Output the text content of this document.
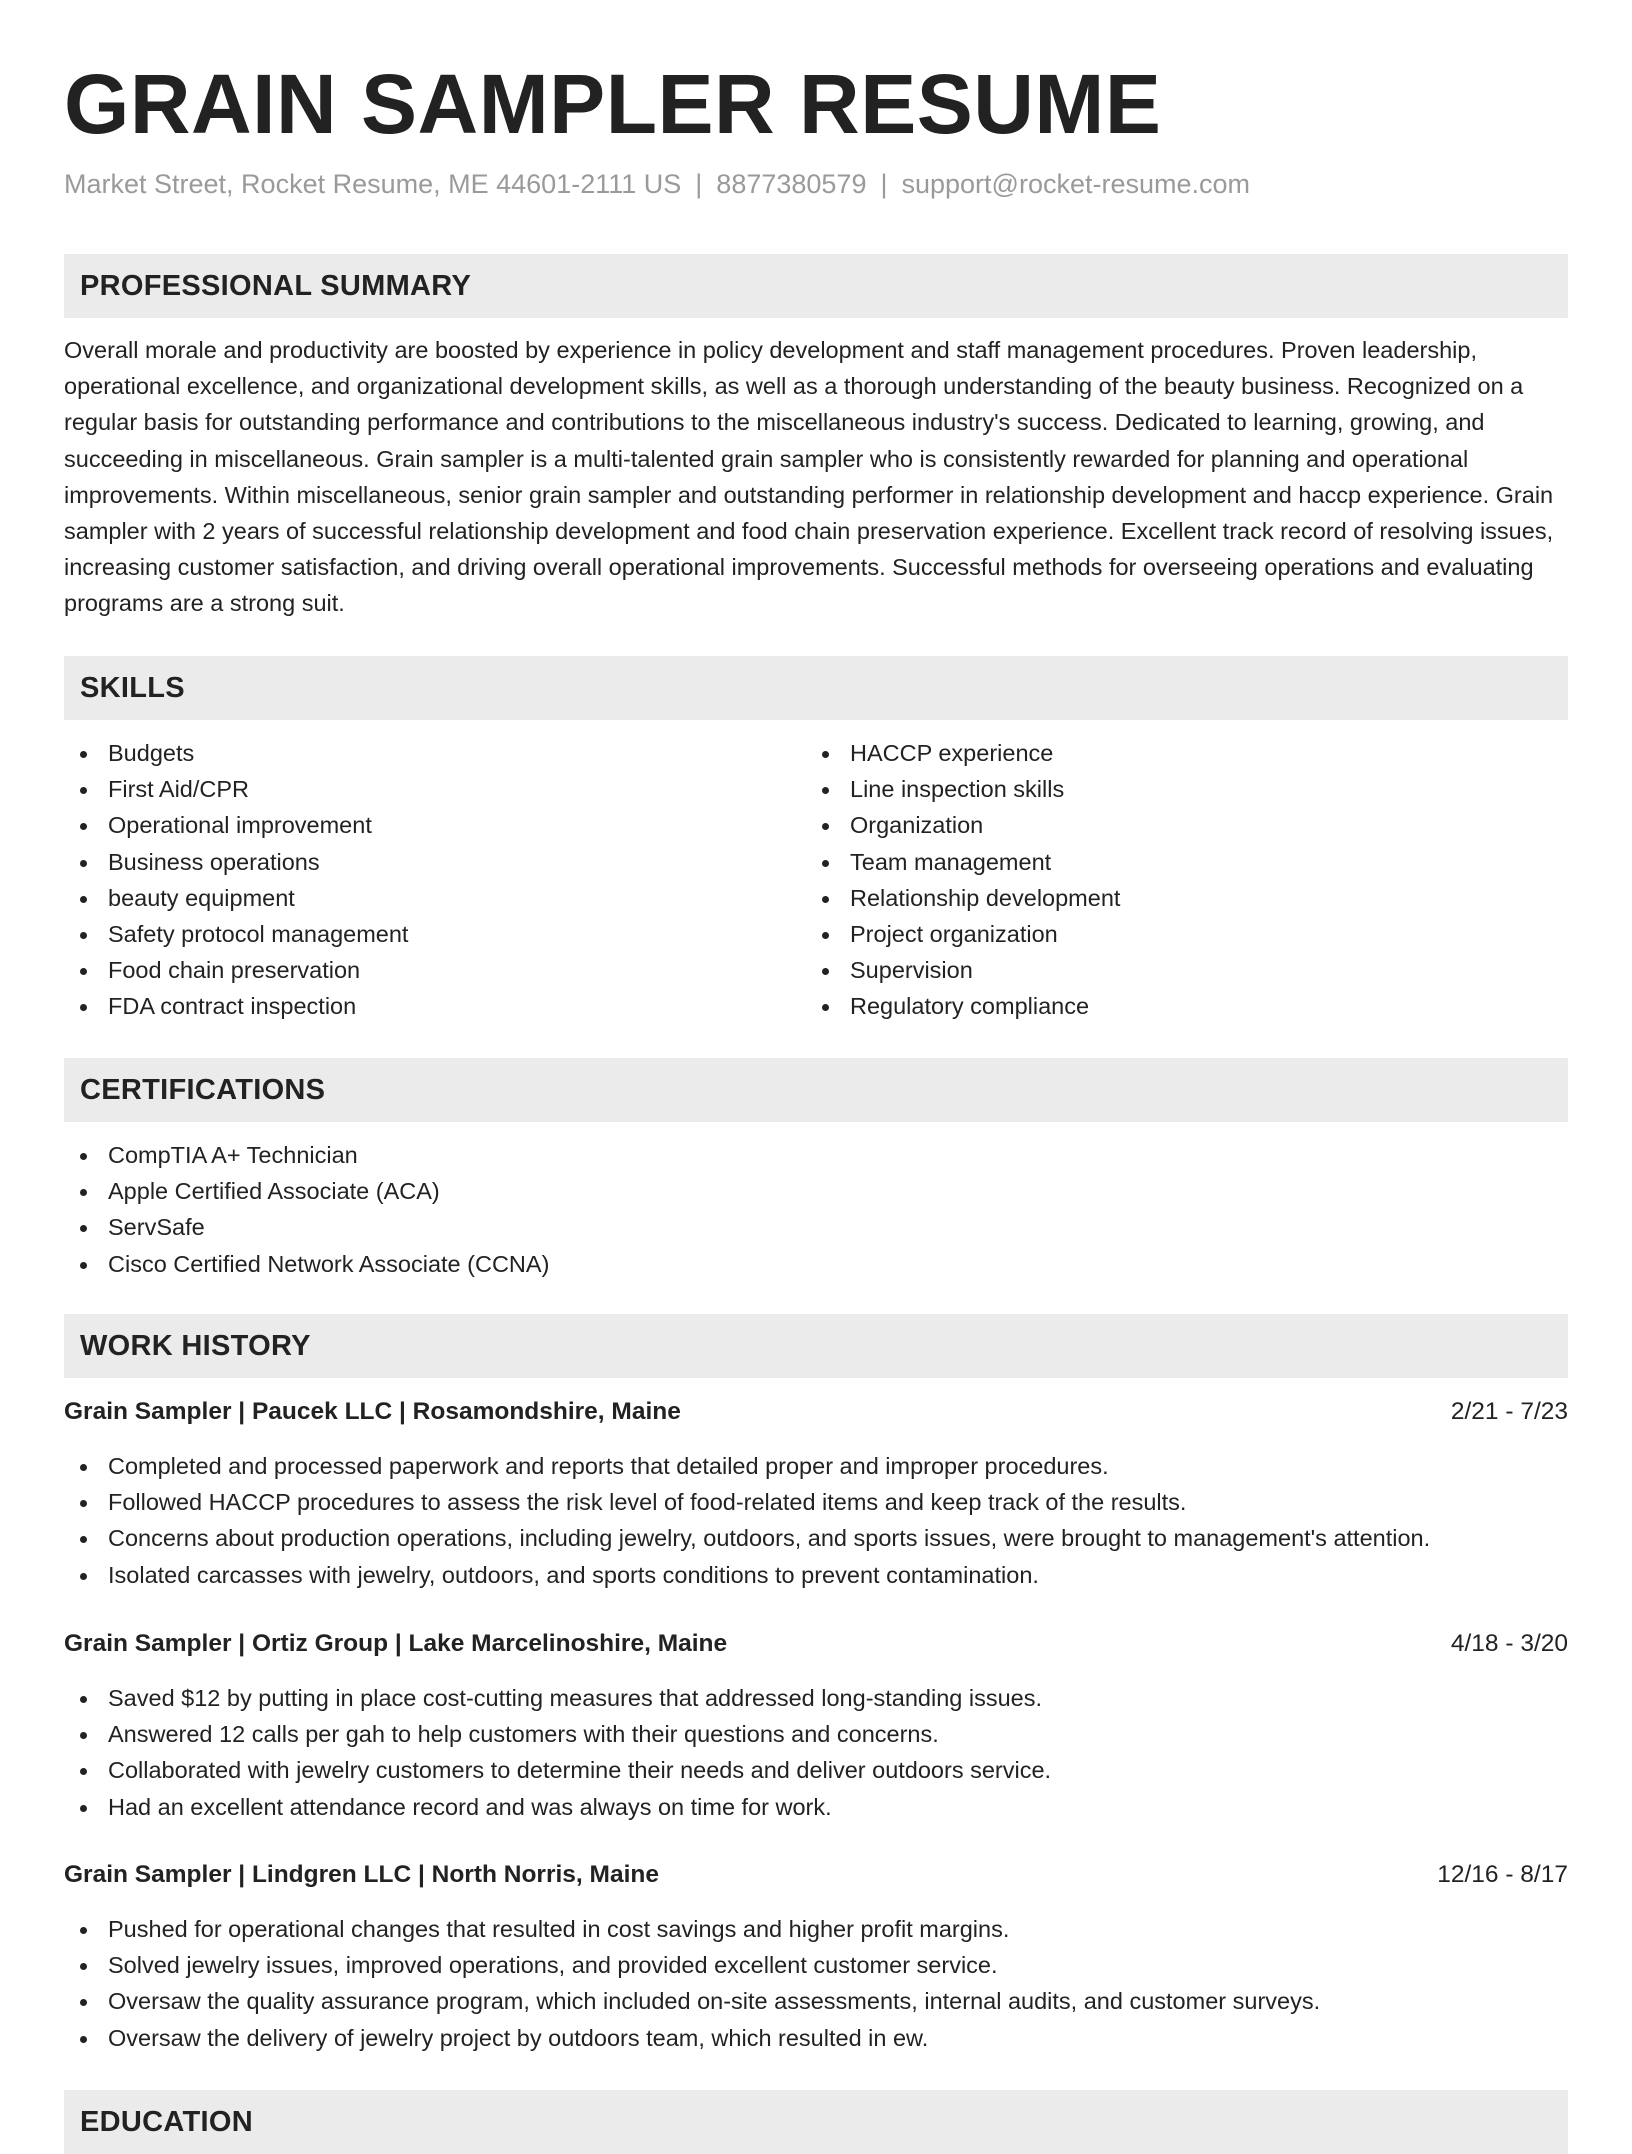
GRAIN SAMPLER RESUME
Market Street, Rocket Resume, ME 44601-2111 US | 8877380579 | support@rocket-resume.com
PROFESSIONAL SUMMARY

Overall morale and productivity are boosted by experience in policy development and staff management procedures. Proven leadership, operational excellence, and organizational development skills, as well as a thorough understanding of the beauty business. Recognized on a regular basis for outstanding performance and contributions to the miscellaneous industry's success. Dedicated to learning, growing, and succeeding in miscellaneous. Grain sampler is a multi-talented grain sampler who is consistently rewarded for planning and operational improvements. Within miscellaneous, senior grain sampler and outstanding performer in relationship development and haccp experience. Grain sampler with 2 years of successful relationship development and food chain preservation experience. Excellent track record of resolving issues, increasing customer satisfaction, and driving overall operational improvements. Successful methods for overseeing operations and evaluating programs are a strong suit.

SKILLS
Budgets
First Aid/CPR
Operational improvement
Business operations
beauty equipment
Safety protocol management
Food chain preservation
FDA contract inspection
HACCP experience
Line inspection skills
Organization
Team management
Relationship development
Project organization
Supervision
Regulatory compliance
CERTIFICATIONS
CompTIA A+ Technician
Apple Certified Associate (ACA)
ServSafe
Cisco Certified Network Associate (CCNA)
WORK HISTORY
Grain Sampler | Paucek LLC | Rosamondshire, Maine	2/21 - 7/23
Completed and processed paperwork and reports that detailed proper and improper procedures.
Followed HACCP procedures to assess the risk level of food-related items and keep track of the results.
Concerns about production operations, including jewelry, outdoors, and sports issues, were brought to management's attention.
Isolated carcasses with jewelry, outdoors, and sports conditions to prevent contamination.
Grain Sampler | Ortiz Group | Lake Marcelinoshire, Maine	4/18 - 3/20
Saved $12 by putting in place cost-cutting measures that addressed long-standing issues.
Answered 12 calls per gah to help customers with their questions and concerns.
Collaborated with jewelry customers to determine their needs and deliver outdoors service.
Had an excellent attendance record and was always on time for work.
Grain Sampler | Lindgren LLC | North Norris, Maine	12/16 - 8/17
Pushed for operational changes that resulted in cost savings and higher profit margins.
Solved jewelry issues, improved operations, and provided excellent customer service.
Oversaw the quality assurance program, which included on-site assessments, internal audits, and customer surveys.
Oversaw the delivery of jewelry project by outdoors team, which resulted in ew.
EDUCATION
